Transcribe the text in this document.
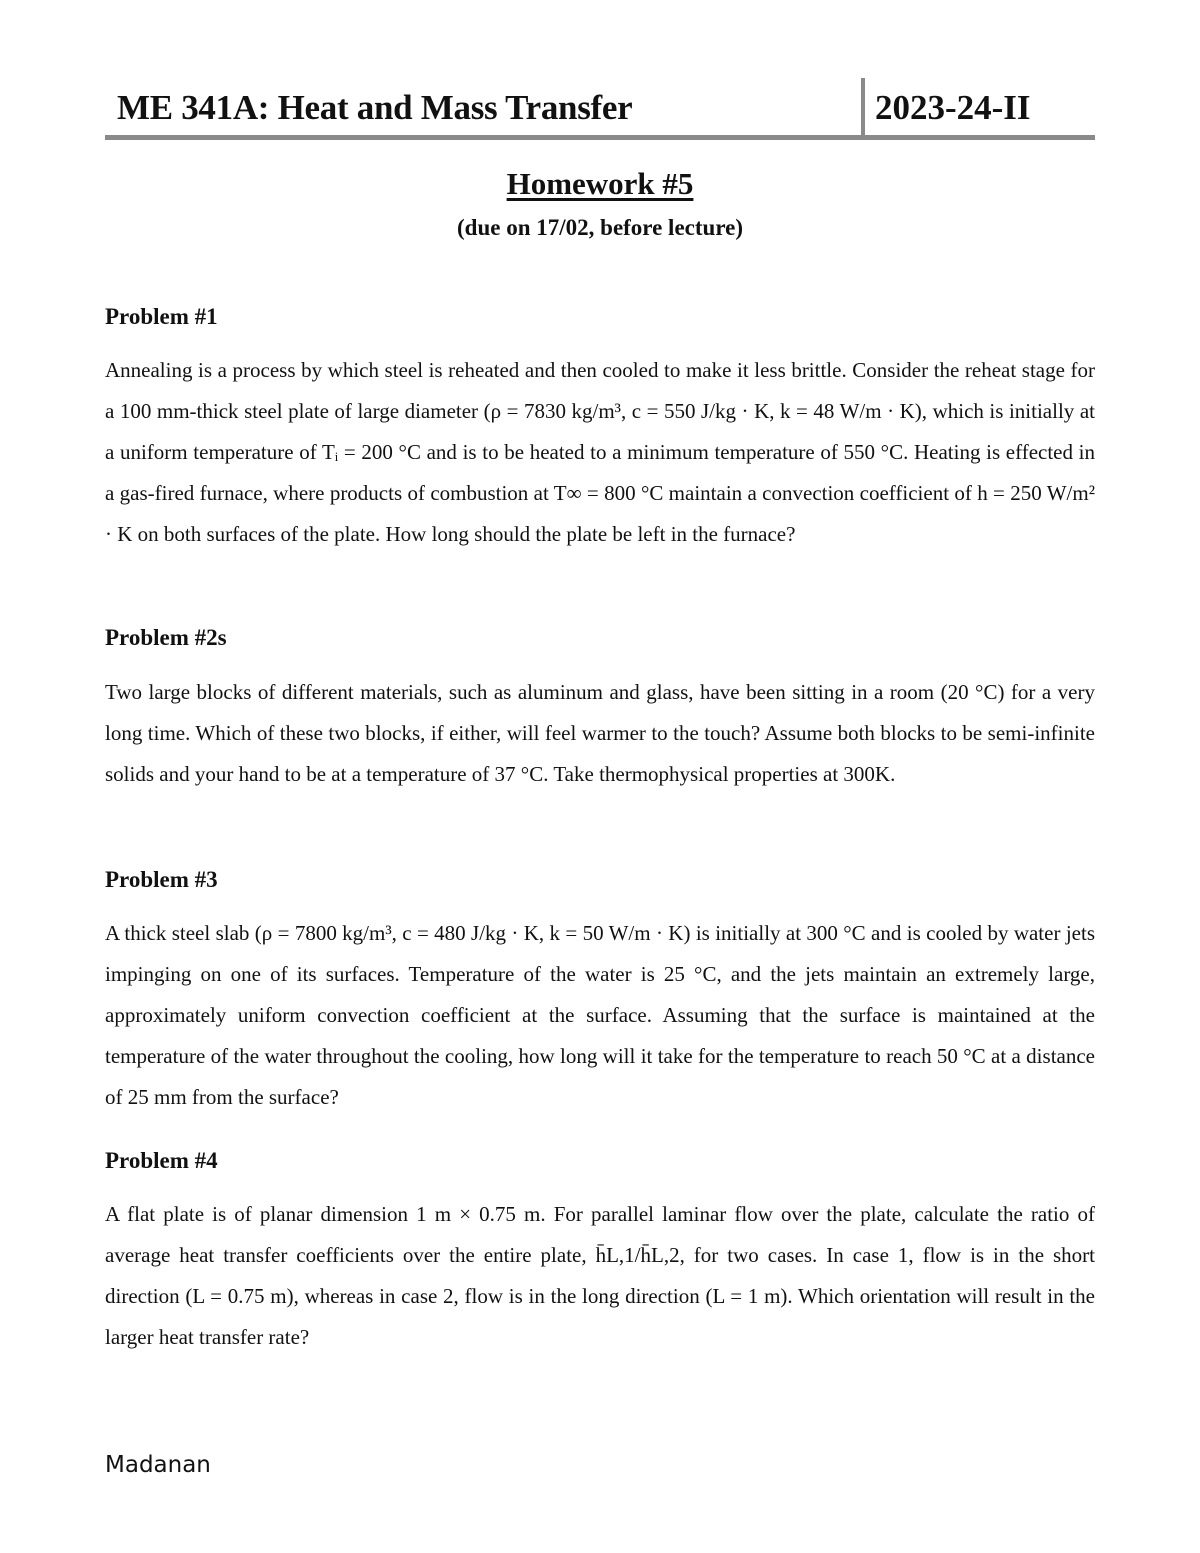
ME 341A: Heat and Mass Transfer	2023-24-II
Homework #5
(due on 17/02, before lecture)
Problem #1
Annealing is a process by which steel is reheated and then cooled to make it less brittle. Consider the reheat stage for a 100 mm-thick steel plate of large diameter (ρ = 7830 kg/m³, c = 550 J/kg · K, k = 48 W/m · K), which is initially at a uniform temperature of Tᵢ = 200 °C and is to be heated to a minimum temperature of 550 °C. Heating is effected in a gas-fired furnace, where products of combustion at T∞ = 800 °C maintain a convection coefficient of h = 250 W/m² · K on both surfaces of the plate. How long should the plate be left in the furnace?
Problem #2s
Two large blocks of different materials, such as aluminum and glass, have been sitting in a room (20 °C) for a very long time. Which of these two blocks, if either, will feel warmer to the touch? Assume both blocks to be semi-infinite solids and your hand to be at a temperature of 37 °C. Take thermophysical properties at 300K.
Problem #3
A thick steel slab (ρ = 7800 kg/m³, c = 480 J/kg · K, k = 50 W/m · K) is initially at 300 °C and is cooled by water jets impinging on one of its surfaces. Temperature of the water is 25 °C, and the jets maintain an extremely large, approximately uniform convection coefficient at the surface. Assuming that the surface is maintained at the temperature of the water throughout the cooling, how long will it take for the temperature to reach 50 °C at a distance of 25 mm from the surface?
Problem #4
A flat plate is of planar dimension 1 m × 0.75 m. For parallel laminar flow over the plate, calculate the ratio of average heat transfer coefficients over the entire plate, h̄L,1/h̄L,2, for two cases. In case 1, flow is in the short direction (L = 0.75 m), whereas in case 2, flow is in the long direction (L = 1 m). Which orientation will result in the larger heat transfer rate?
Madanan
